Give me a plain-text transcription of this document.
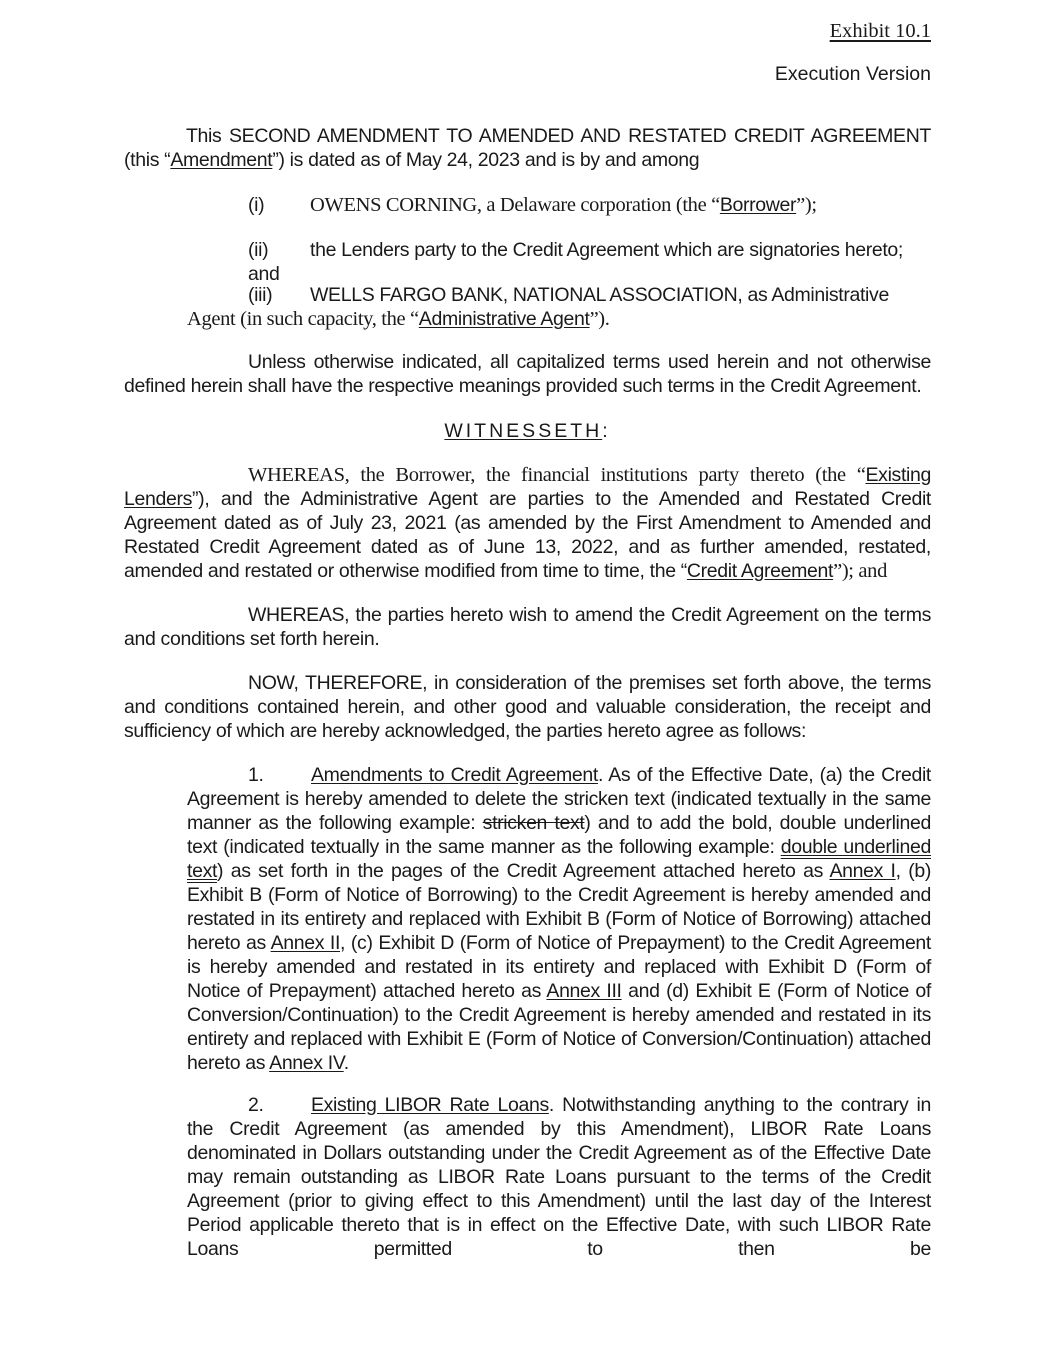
Exhibit 10.1
Execution Version
This SECOND AMENDMENT TO AMENDED AND RESTATED CREDIT AGREEMENT (this “Amendment”) is dated as of May 24, 2023 and is by and among
(i) OWENS CORNING, a Delaware corporation (the “Borrower”);
(ii) the Lenders party to the Credit Agreement which are signatories hereto; and
(iii) WELLS FARGO BANK, NATIONAL ASSOCIATION, as Administrative
Agent (in such capacity, the “Administrative Agent”).
Unless otherwise indicated, all capitalized terms used herein and not otherwise defined herein shall have the respective meanings provided such terms in the Credit Agreement.
WITNESSETH:
WHEREAS, the Borrower, the financial institutions party thereto (the “Existing Lenders”), and the Administrative Agent are parties to the Amended and Restated Credit Agreement dated as of July 23, 2021 (as amended by the First Amendment to Amended and Restated Credit Agreement dated as of June 13, 2022, and as further amended, restated, amended and restated or otherwise modified from time to time, the “Credit Agreement”); and
WHEREAS, the parties hereto wish to amend the Credit Agreement on the terms and conditions set forth herein.
NOW, THEREFORE, in consideration of the premises set forth above, the terms and conditions contained herein, and other good and valuable consideration, the receipt and sufficiency of which are hereby acknowledged, the parties hereto agree as follows:
1. Amendments to Credit Agreement. As of the Effective Date, (a) the Credit Agreement is hereby amended to delete the stricken text (indicated textually in the same manner as the following example: stricken text) and to add the bold, double underlined text (indicated textually in the same manner as the following example: double underlined text) as set forth in the pages of the Credit Agreement attached hereto as Annex I, (b) Exhibit B (Form of Notice of Borrowing) to the Credit Agreement is hereby amended and restated in its entirety and replaced with Exhibit B (Form of Notice of Borrowing) attached hereto as Annex II, (c) Exhibit D (Form of Notice of Prepayment) to the Credit Agreement is hereby amended and restated in its entirety and replaced with Exhibit D (Form of Notice of Prepayment) attached hereto as Annex III and (d) Exhibit E (Form of Notice of Conversion/Continuation) to the Credit Agreement is hereby amended and restated in its entirety and replaced with Exhibit E (Form of Notice of Conversion/Continuation) attached hereto as Annex IV.
2. Existing LIBOR Rate Loans. Notwithstanding anything to the contrary in the Credit Agreement (as amended by this Amendment), LIBOR Rate Loans denominated in Dollars outstanding under the Credit Agreement as of the Effective Date may remain outstanding as LIBOR Rate Loans pursuant to the terms of the Credit Agreement (prior to giving effect to this Amendment) until the last day of the Interest Period applicable thereto that is in effect on the Effective Date, with such LIBOR Rate Loans permitted to then be
